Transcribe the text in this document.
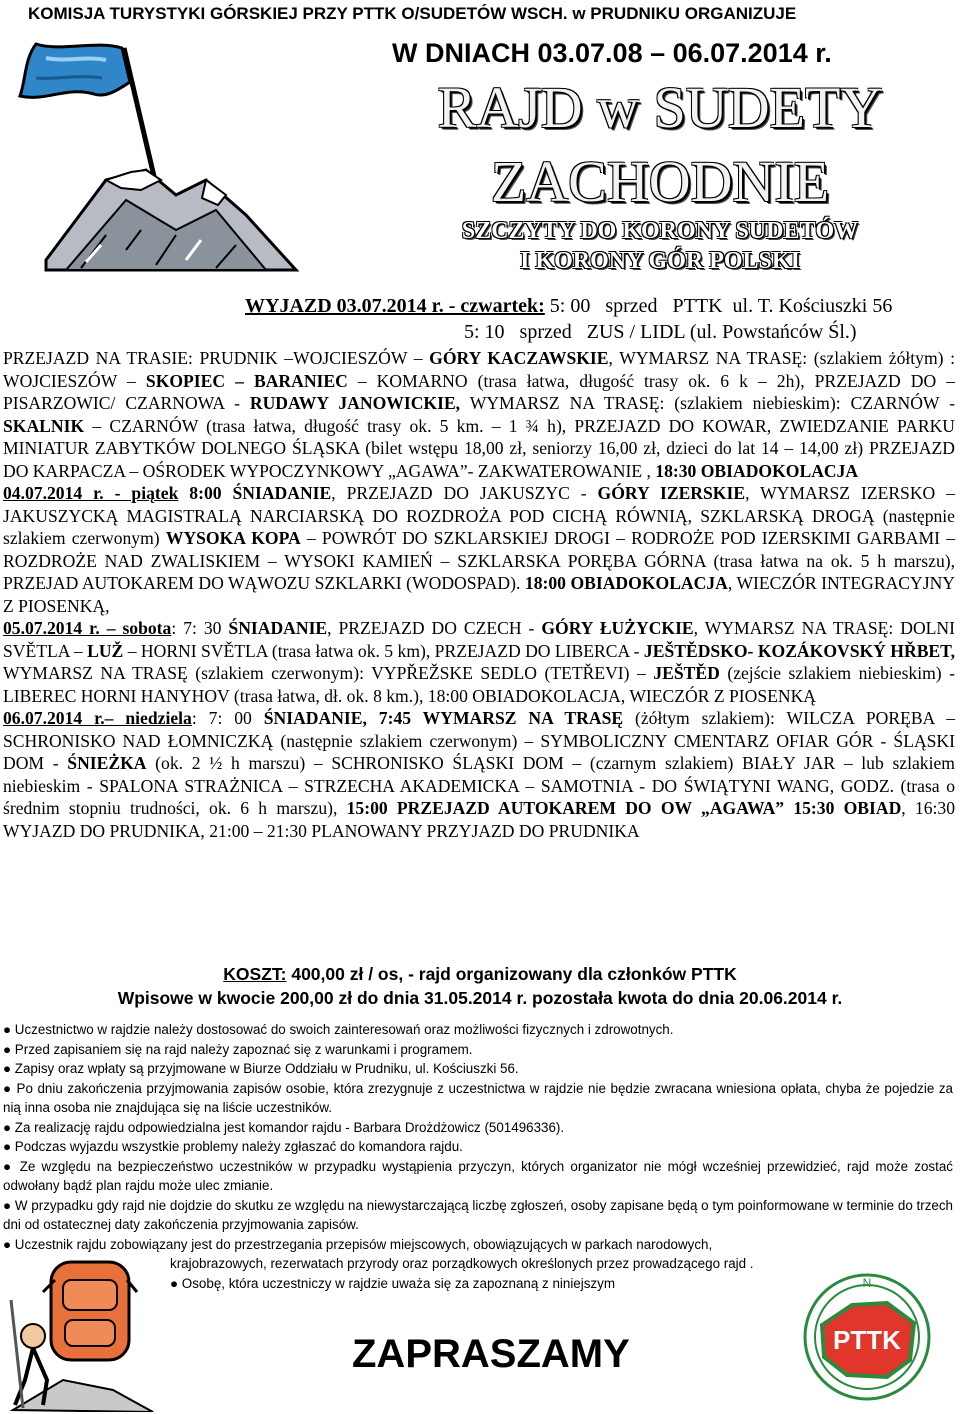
KOMISJA TURYSTYKI GÓRSKIEJ PRZY PTTK O/SUDETÓW WSCH. w PRUDNIKU ORGANIZUJE
W DNIACH 03.07.08 – 06.07.2014 r.
RAJD w SUDETY
ZACHODNIE
SZCZYTY DO KORONY SUDETÓW
I KORONY GÓR POLSKI
WYJAZD 03.07.2014 r. - czwartek: 5: 00   sprzed   PTTK  ul. T. Kościuszki 56
5: 10   sprzed   ZUS / LIDL (ul. Powstańców Śl.)

PRZEJAZD NA TRASIE: PRUDNIK –WOJCIESZÓW – GÓRY KACZAWSKIE, WYMARSZ NA TRASĘ: (szlakiem żółtym) : WOJCIESZÓW – SKOPIEC – BARANIEC – KOMARNO (trasa łatwa, długość trasy ok. 6 k – 2h), PRZEJAZD DO – PISARZOWIC/ CZARNOWA - RUDAWY JANOWICKIE, WYMARSZ NA TRASĘ: (szlakiem niebieskim): CZARNÓW - SKALNIK – CZARNÓW (trasa łatwa, długość trasy ok. 5 km. – 1 ¾ h), PRZEJAZD DO KOWAR, ZWIEDZANIE PARKU MINIATUR ZABYTKÓW DOLNEGO ŚLĄSKA (bilet wstępu 18,00 zł, seniorzy 16,00 zł, dzieci do lat 14 – 14,00 zł) PRZEJAZD DO KARPACZA – OŚRODEK WYPOCZYNKOWY „AGAWA”- ZAKWATEROWANIE , 18:30 OBIADOKOLACJA

04.07.2014 r. - piątek 8:00 ŚNIADANIE, PRZEJAZD DO JAKUSZYC - GÓRY IZERSKIE, WYMARSZ IZERSKO – JAKUSZYCKĄ MAGISTRALĄ NARCIARSKĄ DO ROZDROŻA POD CICHĄ RÓWNIĄ, SZKLARSKĄ DROGĄ (następnie szlakiem czerwonym) WYSOKA KOPA – POWRÓT DO SZKLARSKIEJ DROGI – RODROŻE POD IZERSKIMI GARBAMI – ROZDROŻE NAD ZWALISKIEM – WYSOKI KAMIEŃ – SZKLARSKA PORĘBA GÓRNA (trasa łatwa na ok. 5 h marszu), PRZEJAD AUTOKAREM DO WĄWOZU SZKLARKI (WODOSPAD). 18:00 OBIADOKOLACJA, WIECZÓR INTEGRACYJNY Z PIOSENKĄ,

05.07.2014 r. – sobota: 7: 30 ŚNIADANIE, PRZEJAZD DO CZECH - GÓRY ŁUŻYCKIE, WYMARSZ NA TRASĘ: DOLNI SVĚTLA – LUŽ – HORNI SVĚTLA (trasa łatwa ok. 5 km), PRZEJAZD DO LIBERCA - JEŠTĚDSKO- KOZÁKOVSKÝ HŘBET, WYMARSZ NA TRASĘ (szlakiem czerwonym): VYPŘEŽSKE SEDLO (TETŘEVI) – JEŠTĚD (zejście szlakiem niebieskim) - LIBEREC HORNI HANYHOV (trasa łatwa, dł. ok. 8 km.), 18:00 OBIADOKOLACJA, WIECZÓR Z PIOSENKĄ

06.07.2014 r.– niedziela: 7: 00 ŚNIADANIE, 7:45 WYMARSZ NA TRASĘ (żółtym szlakiem): WILCZA PORĘBA – SCHRONISKO NAD ŁOMNICZKĄ (następnie szlakiem czerwonym) – SYMBOLICZNY CMENTARZ OFIAR GÓR - ŚLĄSKI DOM - ŚNIEŻKA (ok. 2 ½ h marszu) – SCHRONISKO ŚLĄSKI DOM – (czarnym szlakiem) BIAŁY JAR – lub szlakiem niebieskim - SPALONA STRAŻNICA – STRZECHA AKADEMICKA – SAMOTNIA - DO ŚWIĄTYNI WANG, GODZ. (trasa o średnim stopniu trudności, ok. 6 h marszu), 15:00 PRZEJAZD AUTOKAREM DO OW „AGAWA” 15:30 OBIAD, 16:30 WYJAZD DO PRUDNIKA, 21:00 – 21:30 PLANOWANY PRZYJAZD DO PRUDNIKA

KOSZT: 400,00 zł / os, - rajd organizowany dla członków PTTK
Wpisowe w kwocie 200,00 zł do dnia 31.05.2014 r. pozostała kwota do dnia 20.06.2014 r.

● Uczestnictwo w rajdzie należy dostosować do swoich zainteresowań oraz możliwości fizycznych i zdrowotnych.

● Przed zapisaniem się na rajd należy zapoznać się z warunkami i programem.

● Zapisy oraz wpłaty są przyjmowane w Biurze Oddziału w Prudniku, ul. Kościuszki 56.

● Po dniu zakończenia przyjmowania zapisów osobie, która zrezygnuje z uczestnictwa w rajdzie nie będzie zwracana wniesiona opłata, chyba że pojedzie za nią inna osoba nie znajdująca się na liście uczestników.

● Za realizację rajdu odpowiedzialna jest komandor rajdu - Barbara Drożdżowicz (501496336).

● Podczas wyjazdu wszystkie problemy należy zgłaszać do komandora rajdu.

● Ze względu na bezpieczeństwo uczestników w przypadku wystąpienia przyczyn, których organizator nie mógł wcześniej przewidzieć, rajd może zostać odwołany bądź plan rajdu może ulec zmianie.

● W przypadku gdy rajd nie dojdzie do skutku ze względu na niewystarczającą liczbę zgłoszeń, osoby zapisane będą o tym poinformowane w terminie do trzech dni od ostatecznej daty zakończenia przyjmowania zapisów.

● Uczestnik rajdu zobowiązany jest do przestrzegania przepisów miejscowych, obowiązujących w parkach narodowych,

krajobrazowych, rezerwatach przyrody oraz porządkowych określonych przez prowadzącego rajd .

● Osobę, która uczestniczy w rajdzie uważa się za zapoznaną z niniejszym

ZAPRASZAMY	PTTK
N
